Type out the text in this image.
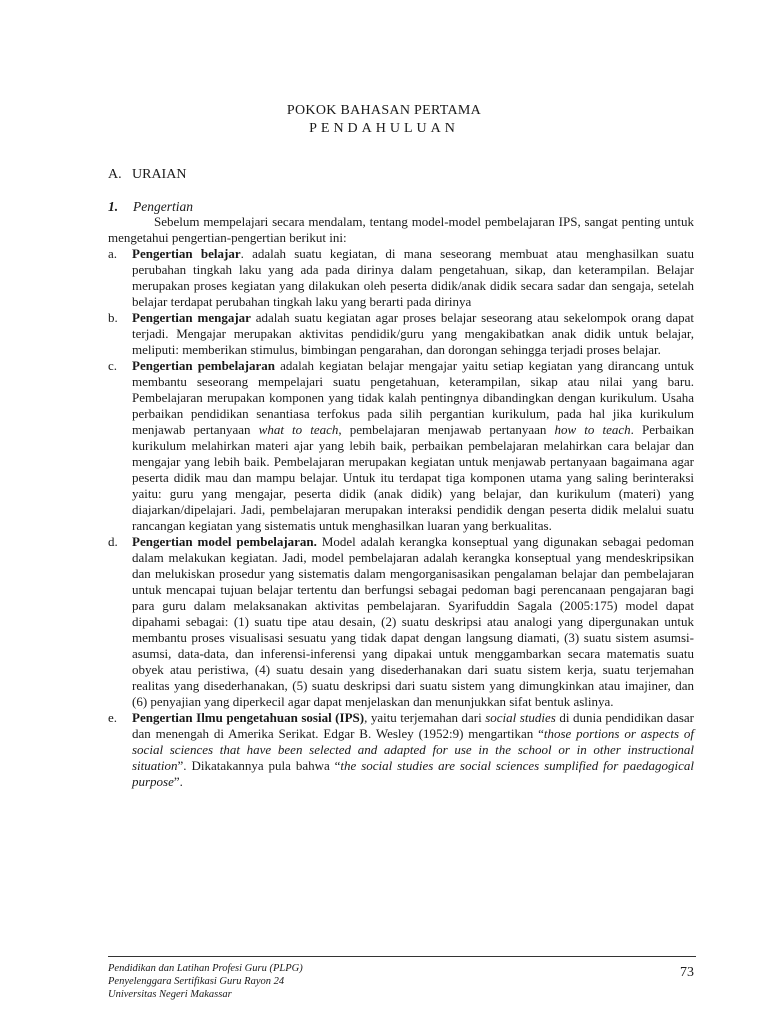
POKOK BAHASAN PERTAMA
PENDAHULUAN
A. URAIAN
1. Pengertian

Sebelum mempelajari secara mendalam, tentang model-model pembelajaran IPS, sangat penting untuk mengetahui pengertian-pengertian berikut ini:

a. Pengertian belajar. adalah suatu kegiatan, di mana seseorang membuat atau menghasilkan suatu perubahan tingkah laku yang ada pada dirinya dalam pengetahuan, sikap, dan keterampilan. Belajar merupakan proses kegiatan yang dilakukan oleh peserta didik/anak didik secara sadar dan sengaja, setelah belajar terdapat perubahan tingkah laku yang berarti pada dirinya

b. Pengertian mengajar adalah suatu kegiatan agar proses belajar seseorang atau sekelompok orang dapat terjadi. Mengajar merupakan aktivitas pendidik/guru yang mengakibatkan anak didik untuk belajar, meliputi: memberikan stimulus, bimbingan pengarahan, dan dorongan sehingga terjadi proses belajar.

c. Pengertian pembelajaran adalah kegiatan belajar mengajar yaitu setiap kegiatan yang dirancang untuk membantu seseorang mempelajari suatu pengetahuan, keterampilan, sikap atau nilai yang baru. Pembelajaran merupakan komponen yang tidak kalah pentingnya dibandingkan dengan kurikulum. Usaha perbaikan pendidikan senantiasa terfokus pada silih pergantian kurikulum, pada hal jika kurikulum menjawab pertanyaan what to teach, pembelajaran menjawab pertanyaan how to teach. Perbaikan kurikulum melahirkan materi ajar yang lebih baik, perbaikan pembelajaran melahirkan cara belajar dan mengajar yang lebih baik. Pembelajaran merupakan kegiatan untuk menjawab pertanyaan bagaimana agar peserta didik mau dan mampu belajar. Untuk itu terdapat tiga komponen utama yang saling berinteraksi yaitu: guru yang mengajar, peserta didik (anak didik) yang belajar, dan kurikulum (materi) yang diajarkan/dipelajari. Jadi, pembelajaran merupakan interaksi pendidik dengan peserta didik melalui suatu rancangan kegiatan yang sistematis untuk menghasilkan luaran yang berkualitas.

d. Pengertian model pembelajaran. Model adalah kerangka konseptual yang digunakan sebagai pedoman dalam melakukan kegiatan. Jadi, model pembelajaran adalah kerangka konseptual yang mendeskripsikan dan melukiskan prosedur yang sistematis dalam mengorganisasikan pengalaman belajar dan pembelajaran untuk mencapai tujuan belajar tertentu dan berfungsi sebagai pedoman bagi perencanaan pengajaran bagi para guru dalam melaksanakan aktivitas pembelajaran. Syarifuddin Sagala (2005:175) model dapat dipahami sebagai: (1) suatu tipe atau desain, (2) suatu deskripsi atau analogi yang dipergunakan untuk membantu proses visualisasi sesuatu yang tidak dapat dengan langsung diamati, (3) suatu sistem asumsi-asumsi, data-data, dan inferensi-inferensi yang dipakai untuk menggambarkan secara matematis suatu obyek atau peristiwa, (4) suatu desain yang disederhanakan dari suatu sistem kerja, suatu terjemahan realitas yang disederhanakan, (5) suatu deskripsi dari suatu sistem yang dimungkinkan atau imajiner, dan (6) penyajian yang diperkecil agar dapat menjelaskan dan menunjukkan sifat bentuk aslinya.

e. Pengertian Ilmu pengetahuan sosial (IPS), yaitu terjemahan dari social studies di dunia pendidikan dasar dan menengah di Amerika Serikat. Edgar B. Wesley (1952:9) mengartikan “those portions or aspects of social sciences that have been selected and adapted for use in the school or in other instructional situation”. Dikatakannya pula bahwa “the social studies are social sciences sumplified for paedagogical purpose”.

Pendidikan dan Latihan Profesi Guru (PLPG)
Penyelenggara Sertifikasi Guru Rayon 24
Universitas Negeri Makassar
73
